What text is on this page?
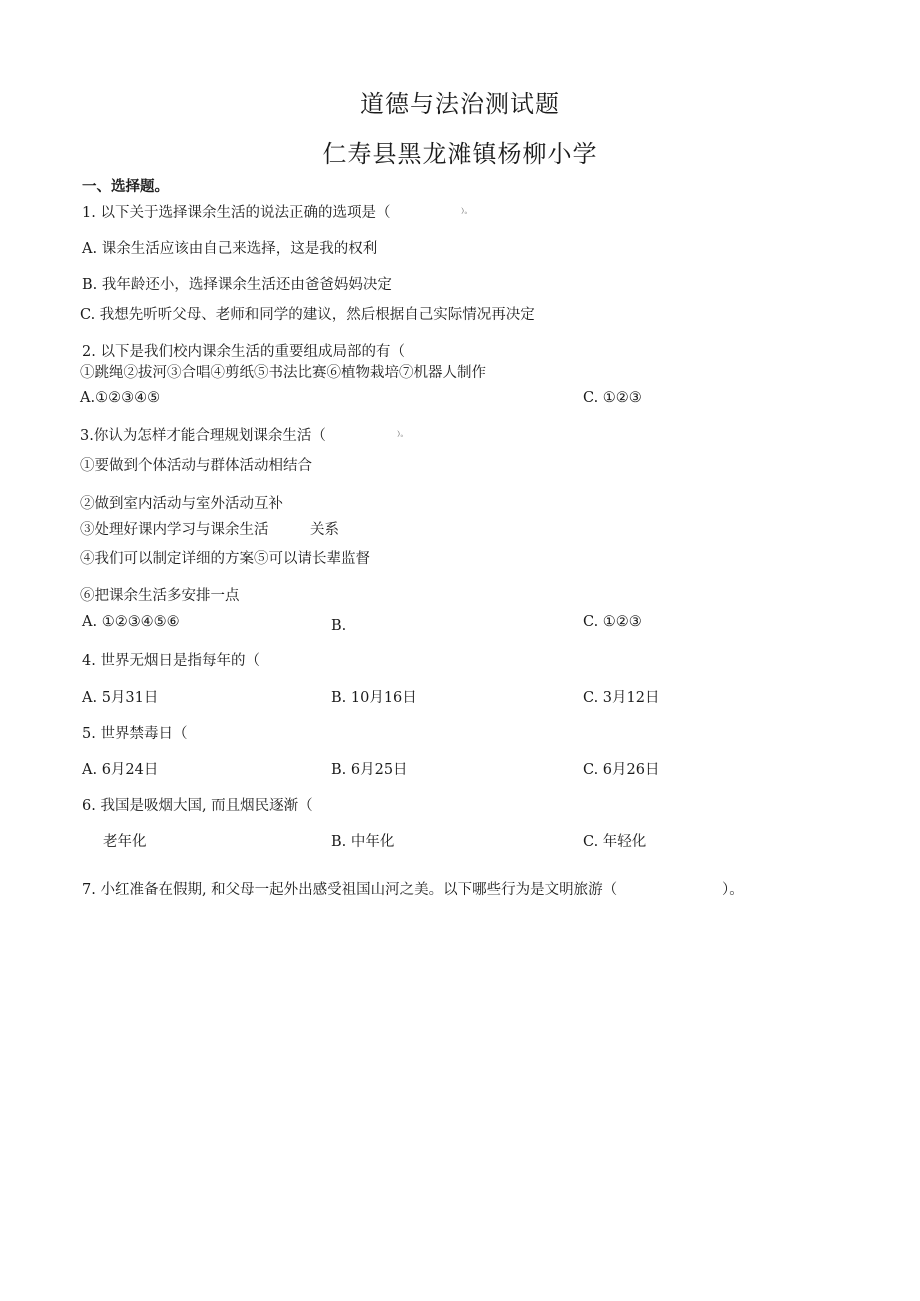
道德与法治测试题
仁寿县黑龙滩镇杨柳小学
一、选择题。
1. 以下关于选择课余生活的说法正确的选项是（	）。
A. 课余生活应该由自己来选择，这是我的权利
B. 我年龄还小，选择课余生活还由爸爸妈妈决定
C. 我想先听听父母、老师和同学的建议，然后根据自己实际情况再决定
2. 以下是我们校内课余生活的重要组成局部的有（
①跳绳②拔河③合唱④剪纸⑤书法比赛⑥植物栽培⑦机器人制作
A.①②③④⑤	C. ①②③
3.你认为怎样才能合理规划课余生活（	）。
①要做到个体活动与群体活动相结合
②做到室内活动与室外活动互补
③处理好课内学习与课余生活	关系
④我们可以制定详细的方案⑤可以请长辈监督
⑥把课余生活多安排一点
A. ①②③④⑤⑥	B.	C. ①②③
4. 世界无烟日是指每年的（
A. 5月31日	B. 10月16日	C. 3月12日
5. 世界禁毒日（
A. 6月24日	B. 6月25日	C. 6月26日
6. 我国是吸烟大国, 而且烟民逐渐（
老年化	B. 中年化	C. 年轻化
7. 小红准备在假期, 和父母一起外出感受祖国山河之美。以下哪些行为是文明旅游（	）。
